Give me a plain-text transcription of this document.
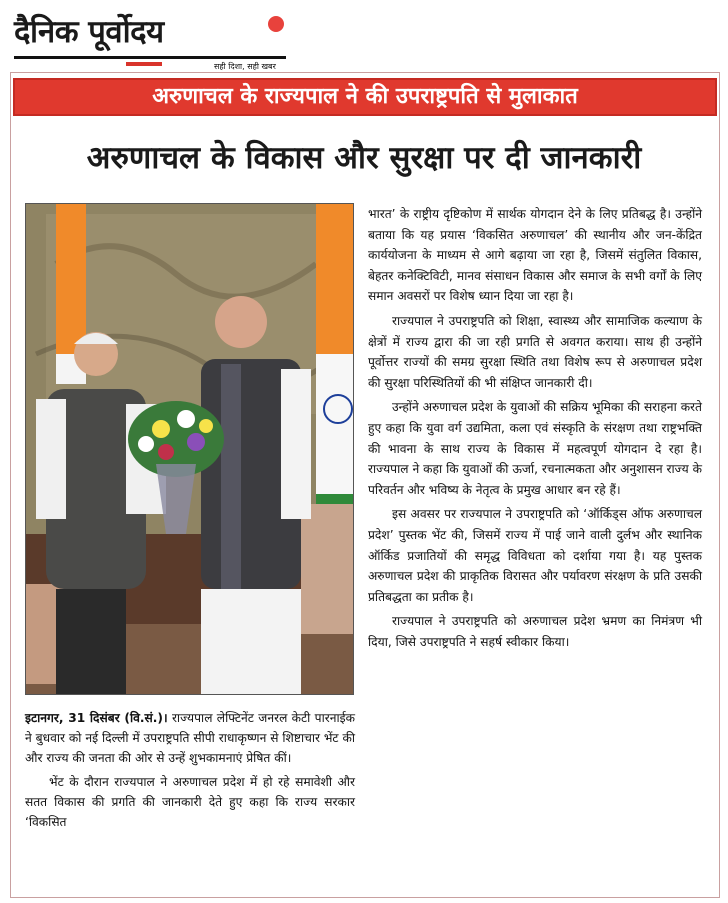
दैनिक पूर्वोदय
सही दिशा, सही खबर
अरुणाचल के राज्यपाल ने की उपराष्ट्रपति से मुलाकात
अरुणाचल के विकास और सुरक्षा पर दी जानकारी

इटानगर, 31 दिसंबर (वि.सं.)। राज्यपाल लेफ्टिनेंट जनरल केटी पारनाईक ने बुधवार को नई दिल्ली में उपराष्ट्रपति सीपी राधाकृष्णन से शिष्टाचार भेंट की और राज्य की जनता की ओर से उन्हें शुभकामनाएं प्रेषित कीं।

भेंट के दौरान राज्यपाल ने अरुणाचल प्रदेश में हो रहे समावेशी और सतत विकास की प्रगति की जानकारी देते हुए कहा कि राज्य सरकार ‘विकसित

भारत’ के राष्ट्रीय दृष्टिकोण में सार्थक योगदान देने के लिए प्रतिबद्ध है। उन्होंने बताया कि यह प्रयास ‘विकसित अरुणाचल’ की स्थानीय और जन-केंद्रित कार्ययोजना के माध्यम से आगे बढ़ाया जा रहा है, जिसमें संतुलित विकास, बेहतर कनेक्टिविटी, मानव संसाधन विकास और समाज के सभी वर्गों के लिए समान अवसरों पर विशेष ध्यान दिया जा रहा है।

राज्यपाल ने उपराष्ट्रपति को शिक्षा, स्वास्थ्य और सामाजिक कल्याण के क्षेत्रों में राज्य द्वारा की जा रही प्रगति से अवगत कराया। साथ ही उन्होंने पूर्वोत्तर राज्यों की समग्र सुरक्षा स्थिति तथा विशेष रूप से अरुणाचल प्रदेश की सुरक्षा परिस्थितियों की भी संक्षिप्त जानकारी दी।

उन्होंने अरुणाचल प्रदेश के युवाओं की सक्रिय भूमिका की सराहना करते हुए कहा कि युवा वर्ग उद्यमिता, कला एवं संस्कृति के संरक्षण तथा राष्ट्रभक्ति की भावना के साथ राज्य के विकास में महत्वपूर्ण योगदान दे रहा है। राज्यपाल ने कहा कि युवाओं की ऊर्जा, रचनात्मकता और अनुशासन राज्य के परिवर्तन और भविष्य के नेतृत्व के प्रमुख आधार बन रहे हैं।

इस अवसर पर राज्यपाल ने उपराष्ट्रपति को ‘ऑर्किड्स ऑफ अरुणाचल प्रदेश’ पुस्तक भेंट की, जिसमें राज्य में पाई जाने वाली दुर्लभ और स्थानिक ऑर्किड प्रजातियों की समृद्ध विविधता को दर्शाया गया है। यह पुस्तक अरुणाचल प्रदेश की प्राकृतिक विरासत और पर्यावरण संरक्षण के प्रति उसकी प्रतिबद्धता का प्रतीक है।

राज्यपाल ने उपराष्ट्रपति को अरुणाचल प्रदेश भ्रमण का निमंत्रण भी दिया, जिसे उपराष्ट्रपति ने सहर्ष स्वीकार किया।
